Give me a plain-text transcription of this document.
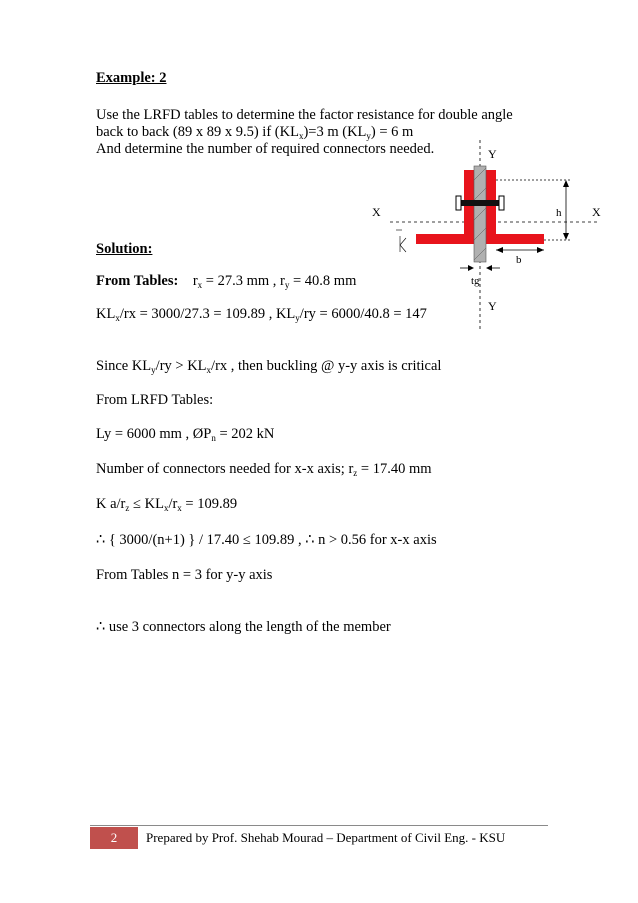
Example: 2
Use the LRFD tables to determine the factor resistance for double angle
back to back (89 x 89 x 9.5) if $(KL_x)=3$ m $(KL_y) = 6$ m
And determine the number of required connectors needed.	Y
Y
X	X
h
b
tg
Solution:
From Tables: $r_x = 27.3$ mm , $r_y = 40.8$ mm
$KL_x/rx = 3000/27.3 = 109.89$ , $KL_y/ry = 6000/40.8 = 147$
Since $KL_y/ry > KL_x/rx$ , then buckling @ y-y axis is critical
From LRFD Tables:
Ly = 6000 mm , $ØP_n = 202$ kN
Number of connectors needed for x-x axis; $r_z = 17.40$ mm
K $a/r_z \le KL_x/r_x = 109.89$
∴ { 3000/(n+1) } / 17.40 ≤ 109.89 , ∴ n > 0.56 for x-x axis
From Tables n = 3 for y-y axis
∴ use 3 connectors along the length of the member
2	Prepared by Prof. Shehab Mourad – Department of Civil Eng. - KSU
